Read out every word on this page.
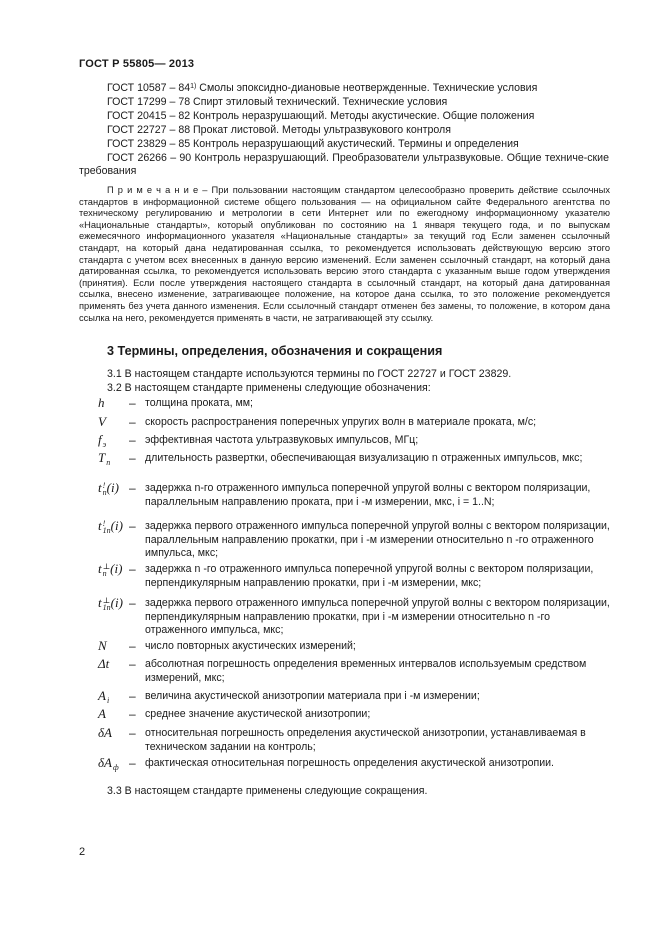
ГОСТ Р 55805— 2013
ГОСТ 10587 – 84$^{1)}$ Смолы эпоксидно-диановые неотвержденные. Технические условия
ГОСТ 17299 – 78 Спирт этиловый технический. Технические условия
ГОСТ 20415 – 82 Контроль неразрушающий. Методы акустические. Общие положения
ГОСТ 22727 – 88 Прокат листовой. Методы ультразвукового контроля
ГОСТ 23829 – 85 Контроль неразрушающий акустический. Термины и определения
ГОСТ 26266 – 90 Контроль неразрушающий. Преобразователи ультразвуковые. Общие техниче-ские требования
П р и м е ч а н и е – При пользовании настоящим стандартом целесообразно проверить действие ссылочных стандартов в информационной системе общего пользования — на официальном сайте Федерального агентства по техническому регулированию и метрологии в сети Интернет или по ежегодному информационному указателю «Национальные стандарты», который опубликован по состоянию на 1 января текущего года, и по выпускам ежемесячного информационного указателя «Национальные стандарты» за текущий год Если заменен ссылочный стандарт, на который дана недатированная ссылка, то рекомендуется использовать действующую версию этого стандарта с учетом всех внесенных в данную версию изменений. Если заменен ссылочный стандарт, на который дана датированная ссылка, то рекомендуется использовать версию этого стандарта с указанным выше годом утверждения (принятия). Если после утверждения настоящего стандарта в ссылочный стандарт, на который дана датированная ссылка, внесено изменение, затрагивающее положение, на которое дана ссылка, то это положение рекомендуется применять без учета данного изменения. Если ссылочный стандарт отменен без замены, то положение, в котором дана ссылка на него, рекомендуется применять в части, не затрагивающей эту ссылку.
3.1 В настоящем стандарте используются термины по ГОСТ 22727 и ГОСТ 23829.
3.2 В настоящем стандарте применены следующие обозначения:
3 Термины, определения, обозначения и сокращения
h – толщина проката, мм;
V – скорость распространения поперечных упругих волн в материале проката, м/с;
f
э – эффективная частота ультразвуковых импульсов, МГц;
T
n – длительность развертки, обеспечивающая визуализацию n отраженных импульсов, мкс;
t !
n (i) – задержка n-го отраженного импульса поперечной упругой волны с вектором поляризации, параллельным направлению проката, при i -м измерении, мкс, i = 1..N;
t !
1n (i) – задержка первого отраженного импульса поперечной упругой волны с вектором поляризации, параллельным направлению прокатки, при i -м измерении относительно n -го отраженного импульса, мкс;
t ⊥
n (i) – задержка n -го отраженного импульса поперечной упругой волны с вектором поляризации, перпендикулярным направлению прокатки, при i -м измерении, мкс;
t ⊥
1n (i) – задержка первого отраженного импульса поперечной упругой волны с вектором поляризации, перпендикулярным направлению прокатки, при i -м измерении относительно n -го отраженного импульса, мкс;
N – число повторных акустических измерений;
Δt – абсолютная погрешность определения временных интервалов используемым средством измерений, мкс;
A
i – величина акустической анизотропии материала при i -м измерении;
A – среднее значение акустической анизотропии;
δA – относительная погрешность определения акустической анизотропии, устанавливаемая в техническом задании на контроль;
δA
ф – фактическая относительная погрешность определения акустической анизотропии.
3.3 В настоящем стандарте применены следующие сокращения.
2
